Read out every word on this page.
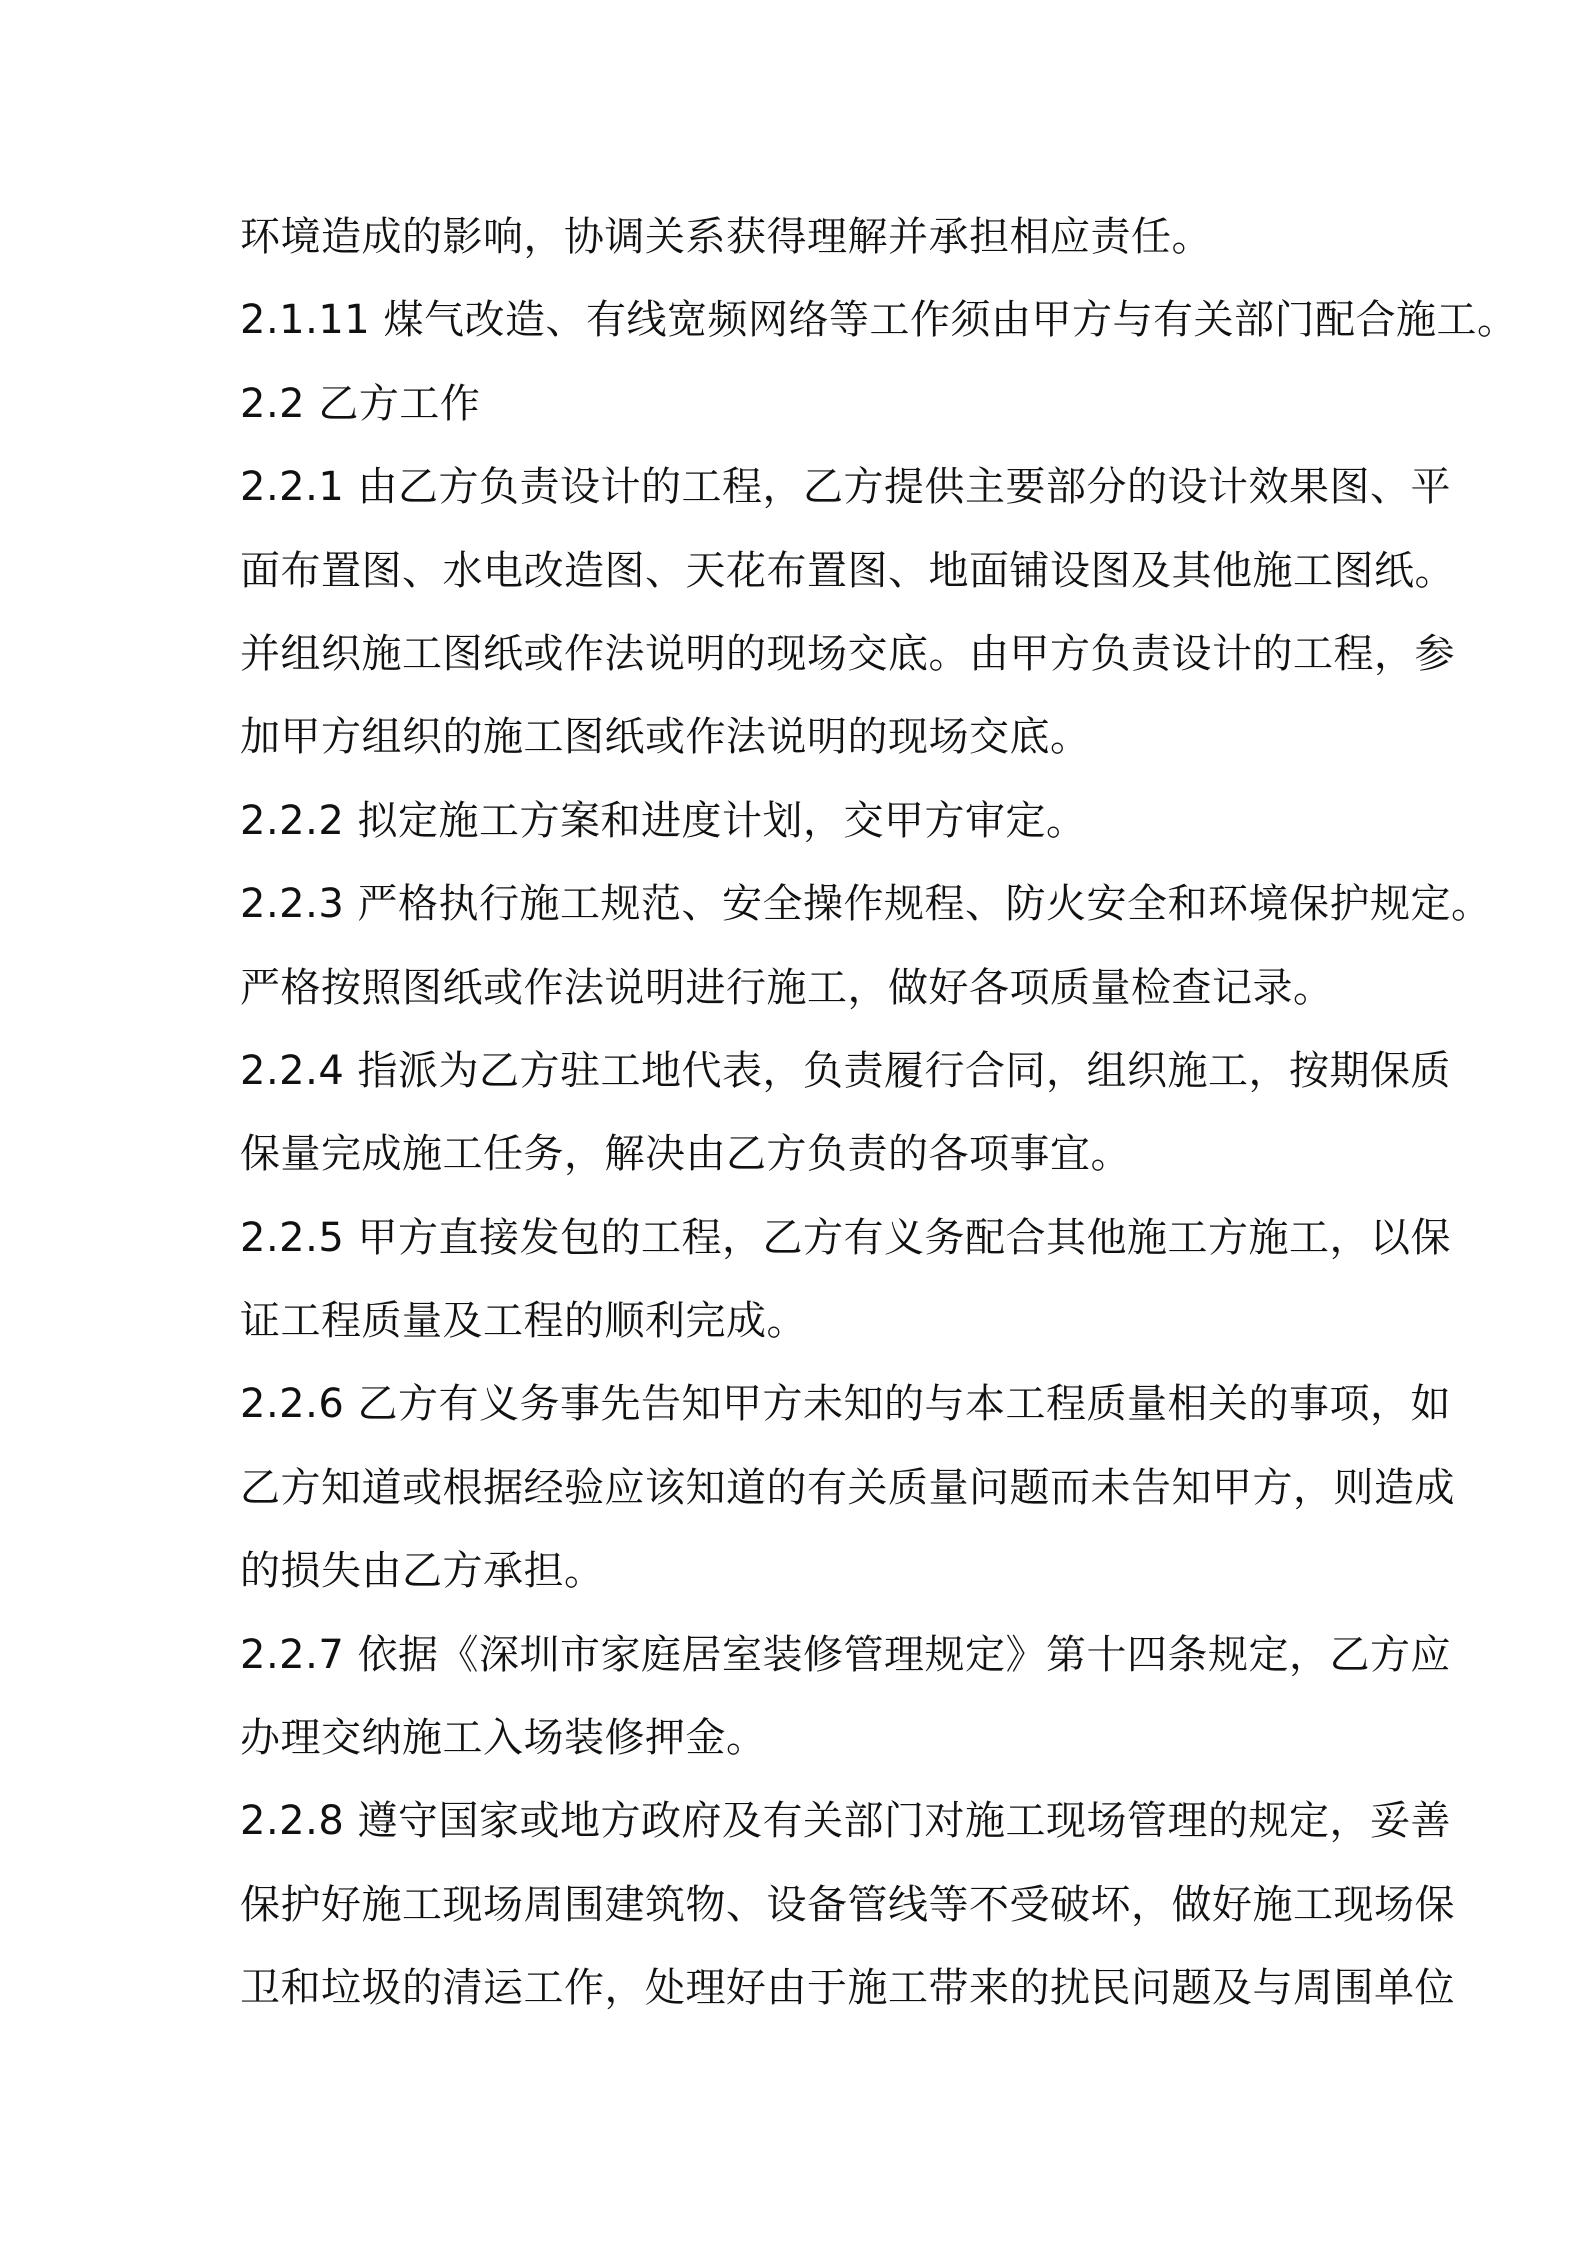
环境造成的影响，协调关系获得理解并承担相应责任。
2.1.11 煤气改造、有线宽频网络等工作须由甲方与有关部门配合施工。
2.2 乙方工作
2.2.1 由乙方负责设计的工程，乙方提供主要部分的设计效果图、平
面布置图、水电改造图、天花布置图、地面铺设图及其他施工图纸。
并组织施工图纸或作法说明的现场交底。由甲方负责设计的工程，参
加甲方组织的施工图纸或作法说明的现场交底。
2.2.2 拟定施工方案和进度计划，交甲方审定。
2.2.3 严格执行施工规范、安全操作规程、防火安全和环境保护规定。
严格按照图纸或作法说明进行施工，做好各项质量检查记录。
2.2.4 指派为乙方驻工地代表，负责履行合同，组织施工，按期保质
保量完成施工任务，解决由乙方负责的各项事宜。
2.2.5 甲方直接发包的工程，乙方有义务配合其他施工方施工，以保
证工程质量及工程的顺利完成。
2.2.6 乙方有义务事先告知甲方未知的与本工程质量相关的事项，如
乙方知道或根据经验应该知道的有关质量问题而未告知甲方，则造成
的损失由乙方承担。
2.2.7 依据《深圳市家庭居室装修管理规定》第十四条规定，乙方应
办理交纳施工入场装修押金。
2.2.8 遵守国家或地方政府及有关部门对施工现场管理的规定，妥善
保护好施工现场周围建筑物、设备管线等不受破坏，做好施工现场保
卫和垃圾的清运工作，处理好由于施工带来的扰民问题及与周围单位
